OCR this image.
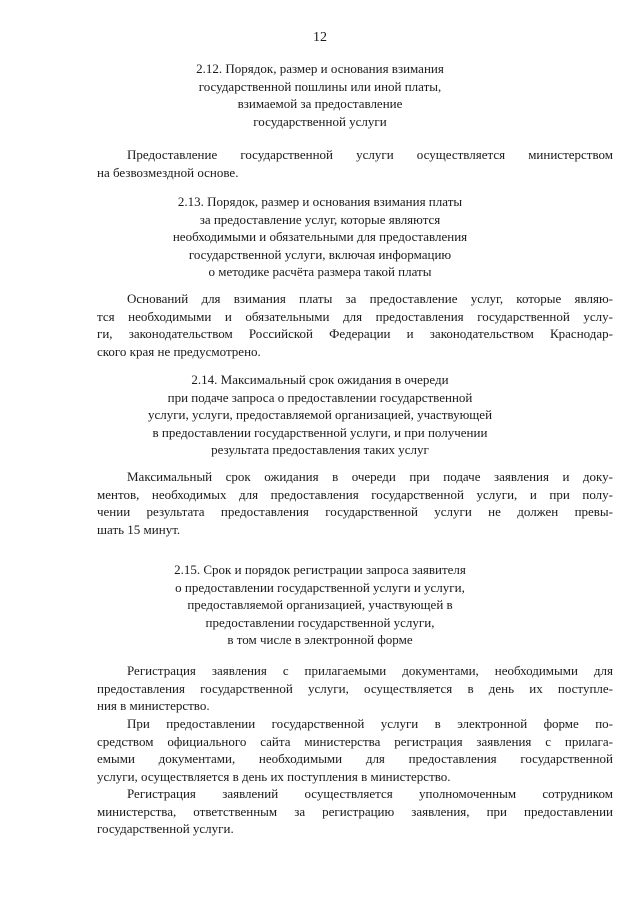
12
2.12. Порядок, размер и основания взимания
государственной пошлины или иной платы,
взимаемой за предоставление
государственной услуги
Предоставление государственной услуги осуществляется министерством
на безвозмездной основе.
2.13. Порядок, размер и основания взимания платы
за предоставление услуг, которые являются
необходимыми и обязательными для предоставления
государственной услуги, включая информацию
о методике расчёта размера такой платы
Оснований для взимания платы за предоставление услуг, которые являю-
тся необходимыми и обязательными для предоставления государственной услу-
ги, законодательством Российской Федерации и законодательством Краснодар-
ского края не предусмотрено.
2.14. Максимальный срок ожидания в очереди
при подаче запроса о предоставлении государственной
услуги, услуги, предоставляемой организацией, участвующей
в предоставлении государственной услуги, и при получении
результата предоставления таких услуг
Максимальный срок ожидания в очереди при подаче заявления и доку-
ментов, необходимых для предоставления государственной услуги, и при полу-
чении результата предоставления государственной услуги не должен превы-
шать 15 минут.
2.15. Срок и порядок регистрации запроса заявителя
о предоставлении государственной услуги и услуги,
предоставляемой организацией, участвующей в
предоставлении государственной услуги,
в том числе в электронной форме
Регистрация заявления с прилагаемыми документами, необходимыми для
предоставления государственной услуги, осуществляется в день их поступле-
ния в министерство.
При предоставлении государственной услуги в электронной форме по-
средством официального сайта министерства регистрация заявления с прилага-
емыми документами, необходимыми для предоставления государственной
услуги, осуществляется в день их поступления в министерство.
Регистрация заявлений осуществляется уполномоченным сотрудником
министерства, ответственным за регистрацию заявления, при предоставлении
государственной услуги.
